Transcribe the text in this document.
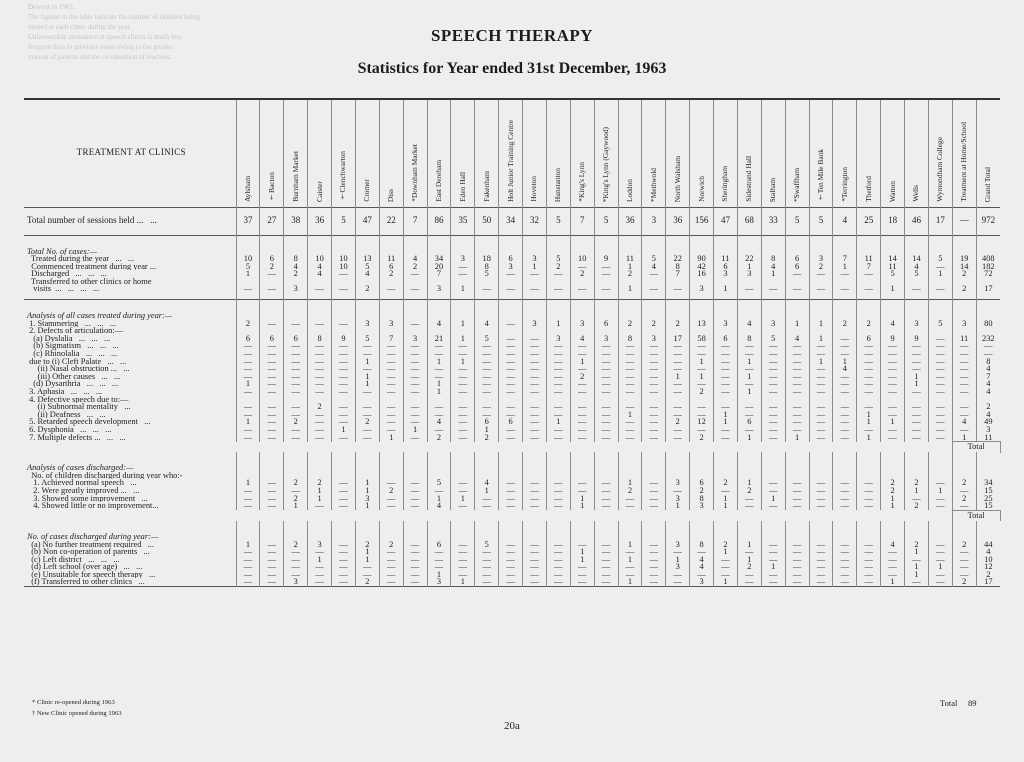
Dewent in 1963.
The figures in the table indicate the number of children being
treated at each clinic during the year.
Unfavourable attendance at speech clinics is much less
frequent than in previous years owing to the greater
interest of parents and the co-operation of teachers.
SPEECH THERAPY
Statistics for Year ended 31st December, 1963
TREATMENT AT CLINICS	Aylsham	†Bacton	Burnham Market	Caister	†Clenchwarton	Cromer	Diss	*Downham Market	East Dereham	Eden Hall	Fakenham	Holt Junior Training Centre	Hoveton	Hunstanton	*King's Lynn	*King's Lynn (Gaywood)	Loddon	*Methwold	North Walsham	Norwich	Sheringham	Sidestrand Hall	Stalham	*Swaffham	†Ten Mile Bank	*Terrington	Thetford	Watton	Wells	Wymondham College	Treatment at Home/School	Grand Total	
Total number of sessions held ...   ...	37	27	38	36	5	47	22	7	86	35	50	34	32	5	7	5	36	3	36	156	47	68	33	5	5	4	25	18	46	17	—	972	
Total No. of cases:—																																	
Treated during the year   ...   ...	10	6	8	10	10	13	11	4	34	3	18	6	3	5	10	9	11	5	22	90	11	22	8	6	3	7	11	14	14	5	19	408	
Commenced treatment during year ...	5	2	4	4	10	5	6	2	20	—	8	3	1	2	—	—	1	4	8	42	6	1	4	6	2	1	7	11	4	—	14	182	
Discharged   ...   ...   ...	1	—	2	4	—	4	2	—	7	—	5	—	—	—	2	—	2	—	7	16	3	3	1	—	—	—	—	5	5	1	2	72	
Transferred to other clinics or home																																	
visits  ...   ...   ...   ...	—	—	3	—	—	2	—	—	3	1	—	—	—	—	—	—	1	—	—	3	1	—	—	—	—	—	—	1	—	—	2	17	
Analysis of all cases treated during year:—																																	
1. Stammering   ...   ...   ...	2	—	—	—	—	3	3	—	4	1	4	—	3	1	3	6	2	2	2	13	3	4	3	1	1	2	2	4	3	5	3	80	
2. Defects of articulation:—																																	
(a) Dyslalia   ...   ...   ...	6	6	6	8	9	5	7	3	21	1	5	—	—	3	4	3	8	3	17	58	6	8	5	4	1	—	6	9	9	—	11	232	
(b) Sigmatism   ...   ...   ...	—	—	—	—	—	—	—	—	—	—	—	—	—	—	—	—	—	—	—	—	—	—	—	—	—	—	—	—	—	—	—	—	
(c) Rhinolalia   ...   ...   ...	—	—	—	—	—	—	—	—	—	—	—	—	—	—	—	—	—	—	—	—	—	—	—	—	—	—	—	—	—	—	—	—	
due to (i) Cleft Palate   ...   ...	—	—	—	—	—	1	—	—	1	1	—	—	—	—	1	—	—	—	—	1	—	1	—	—	1	1	—	—	—	—	—	8	
(ii) Nasal obstruction ...   ...	—	—	—	—	—	—	—	—	—	—	—	—	—	—	—	—	—	—	—	—	—	—	—	—	—	4	—	—	—	—	—	4	
(iii) Other causes   ...   ...	—	—	—	—	—	1	—	—	—	—	—	—	—	—	2	—	—	—	1	1	—	1	—	—	—	—	—	—	1	—	—	7	
(d) Dysarthria   ...   ...   ...	1	—	—	—	—	1	—	—	1	—	—	—	—	—	—	—	—	—	—	—	—	—	—	—	—	—	—	—	1	—	—	4	
3. Aphasia   ...   ...   ...	—	—	—	—	—	—	—	—	1	—	—	—	—	—	—	—	—	—	—	2	—	1	—	—	—	—	—	—	—	—	—	4	
4. Defective speech due to:—																																	
(i) Subnormal mentality   ...	—	—	—	2	—	—	—	—	—	—	—	—	—	—	—	—	—	—	—	—	—	—	—	—	—	—	—	—	—	—	—	2	
(ii) Deafness   ...   ...	—	—	—	—	—	—	—	—	—	—	—	—	—	—	—	—	1	—	—	—	1	—	—	—	—	—	1	—	—	—	—	4	
5. Retarded speech development   ...	1	—	2	—	—	2	—	—	4	—	6	6	—	1	—	—	—	—	2	12	1	6	—	—	—	—	1	1	—	—	4	49	
6. Dysphonia   ...   ...   ...	—	—	—	—	1	—	—	1	—	—	1	—	—	—	—	—	—	—	—	—	—	—	—	—	—	—	—	—	—	—	—	3	
7. Multiple defects ...   ...   ...	—	—	—	—	—	—	1	—	2	—	2	—	—	—	—	—	—	—	—	2	—	1	—	1	—	—	1	—	—	—	1	11	
																															Total	
Analysis of cases discharged:—																																	
No. of children discharged during year who:-																																	
1. Achieved normal speech   ...	1	—	2	2	—	1	—	—	5	—	4	—	—	—	—	—	1	—	3	6	2	1	—	—	—	—	—	2	2	—	2	34	
2. Were greatly improved ...   ...	—	—	—	1	—	1	2	—	—	—	1	—	—	—	—	—	2	—	—	2	—	2	—	—	—	—	—	2	1	1	—	15	
3. Showed some improvement   ...	—	—	2	1	—	3	—	—	1	1	—	—	—	—	1	—	—	—	3	8	1	—	1	—	—	—	—	1	—	—	2	25	
4. Showed little or no improvement...	—	—	1	—	—	1	—	—	4	—	—	—	—	—	1	—	—	—	1	3	1	—	—	—	—	—	—	1	2	—	—	15	
																															Total	
No. of cases discharged during year:—																																	
(a) No further treatment required   ...	1	—	2	3	—	2	2	—	6	—	5	—	—	—	—	—	1	—	3	8	2	1	—	—	—	—	—	4	2	—	2	44	
(b) Non co-operation of parents   ...	—	—	—	—	—	1	—	—	—	—	—	—	—	—	1	—	—	—	—	—	1	—	—	—	—	—	—	—	1	—	—	4	
(c) Left district   ...   ...   ...	—	—	—	1	—	1	—	—	—	—	—	—	—	—	1	—	1	—	1	4	—	1	—	—	—	—	—	—	—	—	—	10	
(d) Left school (over age)   ...   ...	—	—	—	—	—	—	—	—	—	—	—	—	—	—	—	—	—	—	3	4	—	2	1	—	—	—	—	—	1	1	—	12	
(e) Unsuitable for speech therapy   ...	—	—	—	—	—	—	—	—	1	—	—	—	—	—	—	—	—	—	—	—	—	—	—	—	—	—	—	—	1	—	—	2	
(f) Transferred to other clinics   ...	—	—	3	—	—	2	—	—	3	1	—	—	—	—	—	—	1	—	—	3	1	—	—	—	—	—	—	1	—	—	2	17	
* Clinic re-opened during 1963
† New Clinic opened during 1963
Total 89
20a
